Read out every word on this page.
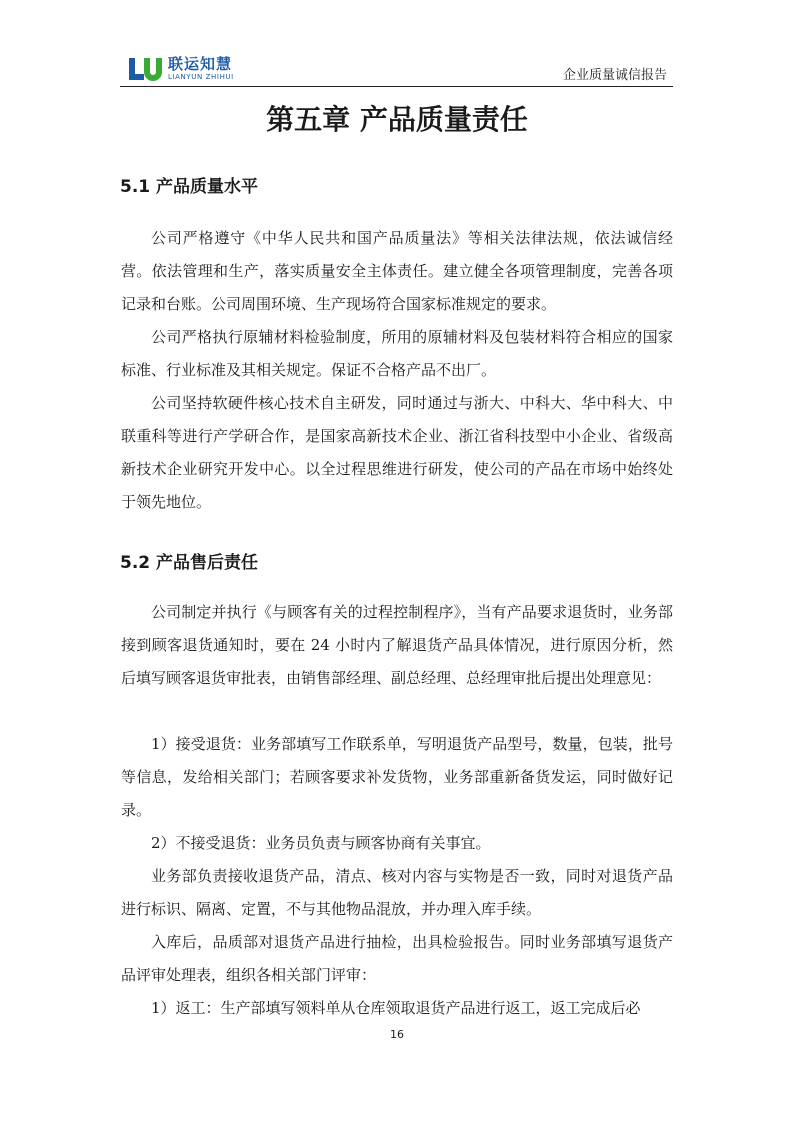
联运知慧
LIANYUN ZHIHUI	企业质量诚信报告
第五章 产品质量责任
5.1 产品质量水平

公司严格遵守《中华人民共和国产品质量法》等相关法律法规，依法诚信经营。依法管理和生产，落实质量安全主体责任。建立健全各项管理制度，完善各项记录和台账。公司周围环境、生产现场符合国家标准规定的要求。

公司严格执行原辅材料检验制度，所用的原辅材料及包装材料符合相应的国家标准、行业标准及其相关规定。保证不合格产品不出厂。

公司坚持软硬件核心技术自主研发，同时通过与浙大、中科大、华中科大、中联重科等进行产学研合作，是国家高新技术企业、浙江省科技型中小企业、省级高新技术企业研究开发中心。以全过程思维进行研发，使公司的产品在市场中始终处于领先地位。

5.2 产品售后责任

公司制定并执行《与顾客有关的过程控制程序》，当有产品要求退货时，业务部接到顾客退货通知时，要在 24 小时内了解退货产品具体情况，进行原因分析，然后填写顾客退货审批表，由销售部经理、副总经理、总经理审批后提出处理意见：

1）接受退货：业务部填写工作联系单，写明退货产品型号，数量，包装，批号等信息，发给相关部门；若顾客要求补发货物，业务部重新备货发运，同时做好记录。

2）不接受退货：业务员负责与顾客协商有关事宜。

业务部负责接收退货产品，清点、核对内容与实物是否一致，同时对退货产品进行标识、隔离、定置，不与其他物品混放，并办理入库手续。

入库后，品质部对退货产品进行抽检，出具检验报告。同时业务部填写退货产品评审处理表，组织各相关部门评审：

1）返工：生产部填写领料单从仓库领取退货产品进行返工，返工完成后必

16
